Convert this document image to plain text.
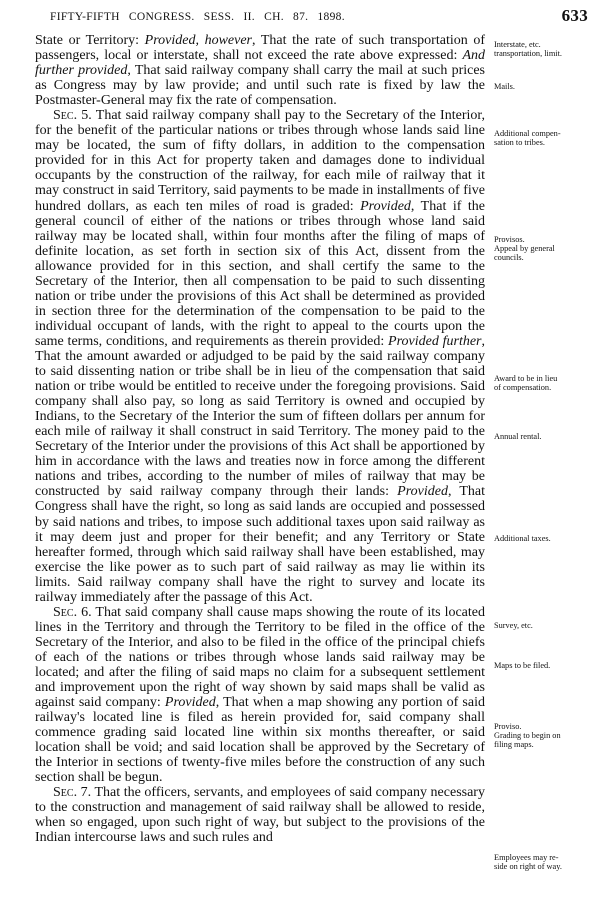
FIFTY-FIFTH CONGRESS. SESS. II. CH. 87. 1898.	633

State or Territory: Provided, however, That the rate of such transportation of passengers, local or interstate, shall not exceed the rate above expressed: And further provided, That said railway company shall carry the mail at such prices as Congress may by law provide; and until such rate is fixed by law the Postmaster-General may fix the rate of compensation.

Sec. 5. That said railway company shall pay to the Secretary of the Interior, for the benefit of the particular nations or tribes through whose lands said line may be located, the sum of fifty dollars, in addition to the compensation provided for in this Act for property taken and damages done to individual occupants by the construction of the railway, for each mile of railway that it may construct in said Territory, said payments to be made in installments of five hundred dollars, as each ten miles of road is graded: Provided, That if the general council of either of the nations or tribes through whose land said railway may be located shall, within four months after the filing of maps of definite location, as set forth in section six of this Act, dissent from the allowance provided for in this section, and shall certify the same to the Secretary of the Interior, then all compensation to be paid to such dissenting nation or tribe under the provisions of this Act shall be determined as provided in section three for the determination of the compensation to be paid to the individual occupant of lands, with the right to appeal to the courts upon the same terms, conditions, and requirements as therein provided: Provided further, That the amount awarded or adjudged to be paid by the said railway company to said dissenting nation or tribe shall be in lieu of the compensation that said nation or tribe would be entitled to receive under the foregoing provisions. Said company shall also pay, so long as said Territory is owned and occupied by Indians, to the Secretary of the Interior the sum of fifteen dollars per annum for each mile of railway it shall construct in said Territory. The money paid to the Secretary of the Interior under the provisions of this Act shall be apportioned by him in accordance with the laws and treaties now in force among the different nations and tribes, according to the number of miles of railway that may be constructed by said railway company through their lands: Provided, That Congress shall have the right, so long as said lands are occupied and possessed by said nations and tribes, to impose such additional taxes upon said railway as it may deem just and proper for their benefit; and any Territory or State hereafter formed, through which said railway shall have been established, may exercise the like power as to such part of said railway as may lie within its limits. Said railway company shall have the right to survey and locate its railway immediately after the passage of this Act.

Sec. 6. That said company shall cause maps showing the route of its located lines in the Territory and through the Territory to be filed in the office of the Secretary of the Interior, and also to be filed in the office of the principal chiefs of each of the nations or tribes through whose lands said railway may be located; and after the filing of said maps no claim for a subsequent settlement and improvement upon the right of way shown by said maps shall be valid as against said company: Provided, That when a map showing any portion of said railway's located line is filed as herein provided for, said company shall commence grading said located line within six months thereafter, or said location shall be void; and said location shall be approved by the Secretary of the Interior in sections of twenty-five miles before the construction of any such section shall be begun.

Sec. 7. That the officers, servants, and employees of said company necessary to the construction and management of said railway shall be allowed to reside, when so engaged, upon such right of way, but subject to the provisions of the Indian intercourse laws and such rules and

Interstate, etc.
transportation, limit.
Mails.
Additional compen-
sation to tribes.
Provisos.
Appeal by general
councils.
Award to be in lieu
of compensation.
Annual rental.
Additional taxes.
Survey, etc.
Maps to be filed.
Proviso.
Grading to begin on
filing maps.
Employees may re-
side on right of way.
